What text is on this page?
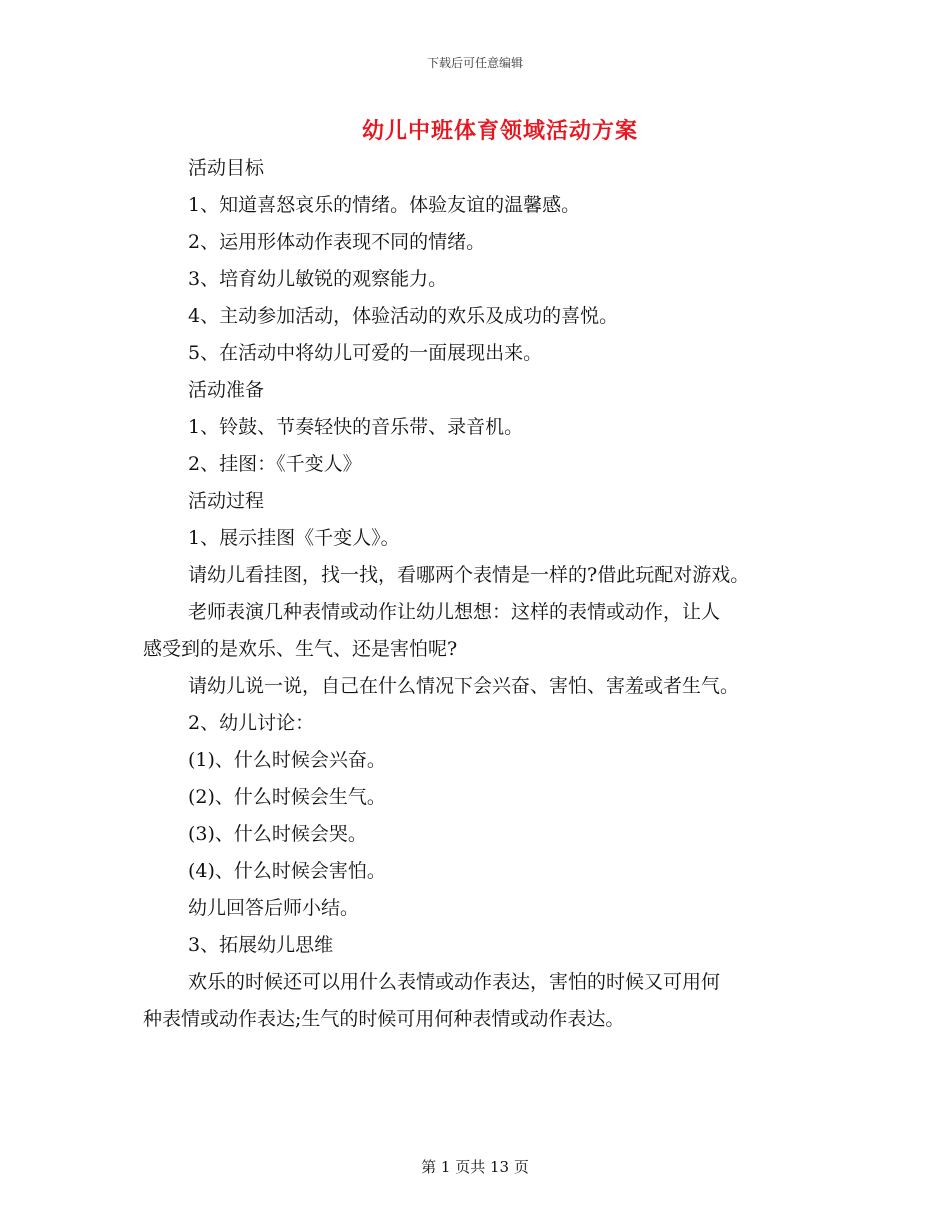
下载后可任意编辑
幼儿中班体育领域活动方案

活动目标

1、知道喜怒哀乐的情绪。体验友谊的温馨感。

2、运用形体动作表现不同的情绪。

3、培育幼儿敏锐的观察能力。

4、主动参加活动，体验活动的欢乐及成功的喜悦。

5、在活动中将幼儿可爱的一面展现出来。

活动准备

1、铃鼓、节奏轻快的音乐带、录音机。

2、挂图：《千变人》

活动过程

1、展示挂图《千变人》。

请幼儿看挂图，找一找，看哪两个表情是一样的?借此玩配对游戏。

老师表演几种表情或动作让幼儿想想：这样的表情或动作，让人

感受到的是欢乐、生气、还是害怕呢?

请幼儿说一说，自己在什么情况下会兴奋、害怕、害羞或者生气。

2、幼儿讨论：

(1)、什么时候会兴奋。

(2)、什么时候会生气。

(3)、什么时候会哭。

(4)、什么时候会害怕。

幼儿回答后师小结。

3、拓展幼儿思维

欢乐的时候还可以用什么表情或动作表达，害怕的时候又可用何

种表情或动作表达;生气的时候可用何种表情或动作表达。

第 1 页共 13 页
